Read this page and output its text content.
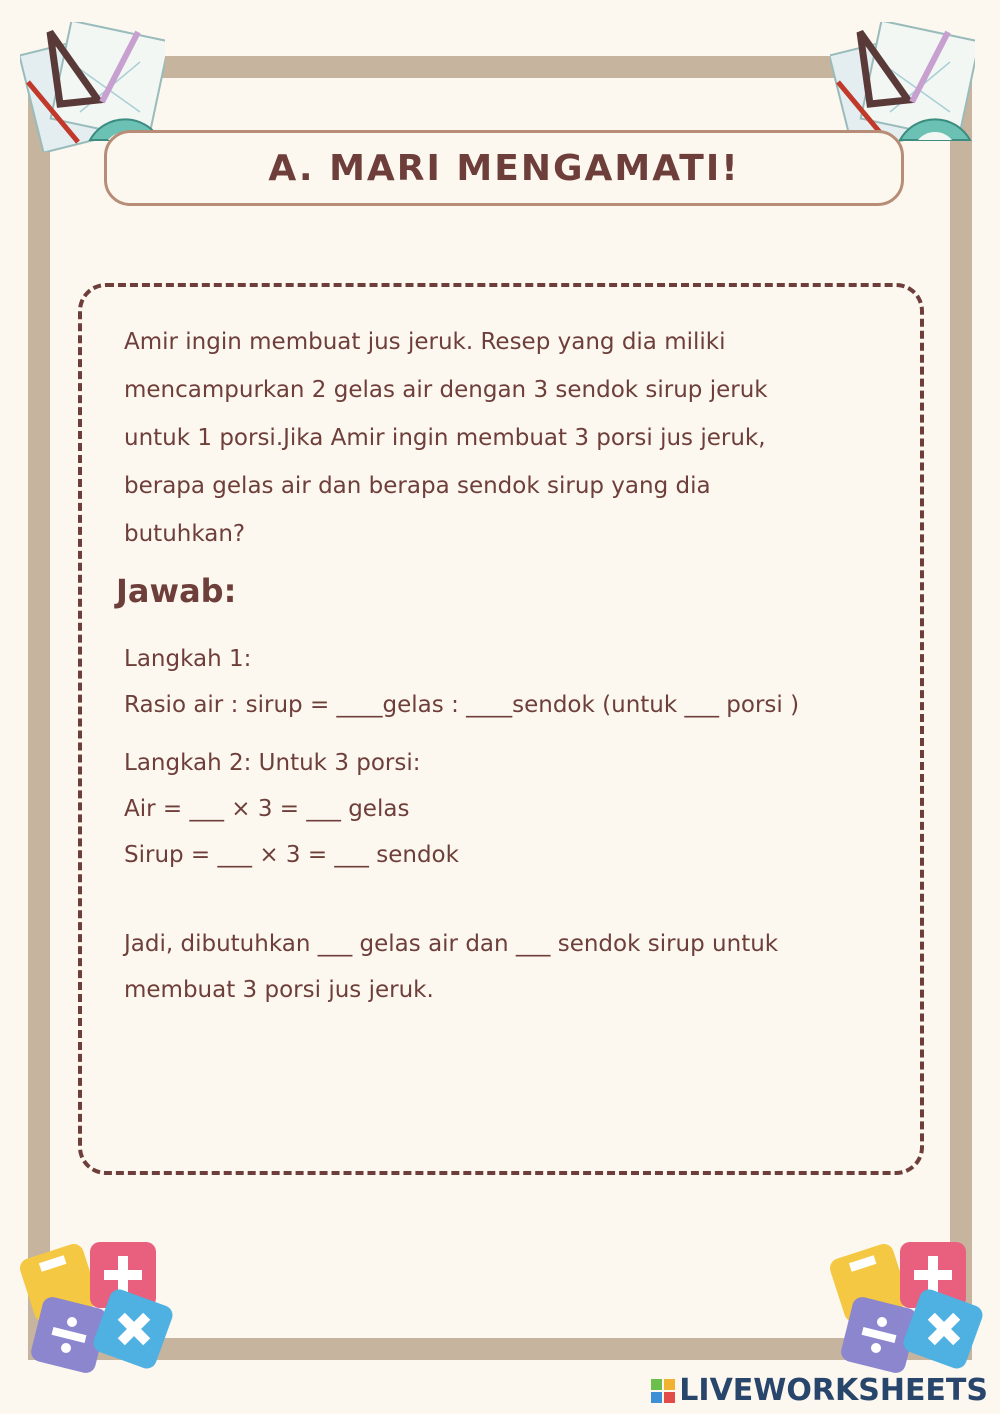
A. MARI MENGAMATI!
Amir ingin membuat jus jeruk. Resep yang dia miliki
mencampurkan 2 gelas air dengan 3 sendok sirup jeruk
untuk 1 porsi.Jika Amir ingin membuat 3 porsi jus jeruk,
berapa gelas air dan berapa sendok sirup yang dia
butuhkan?
Jawab:
Langkah 1:
Rasio air : sirup = ____gelas : ____sendok (untuk ___ porsi )
Langkah 2: Untuk 3 porsi:
Air = ___ × 3 = ___ gelas
Sirup = ___ × 3 = ___ sendok
Jadi, dibutuhkan ___ gelas air dan ___ sendok sirup untuk
membuat 3 porsi jus jeruk.
LIVEWORKSHEETS
